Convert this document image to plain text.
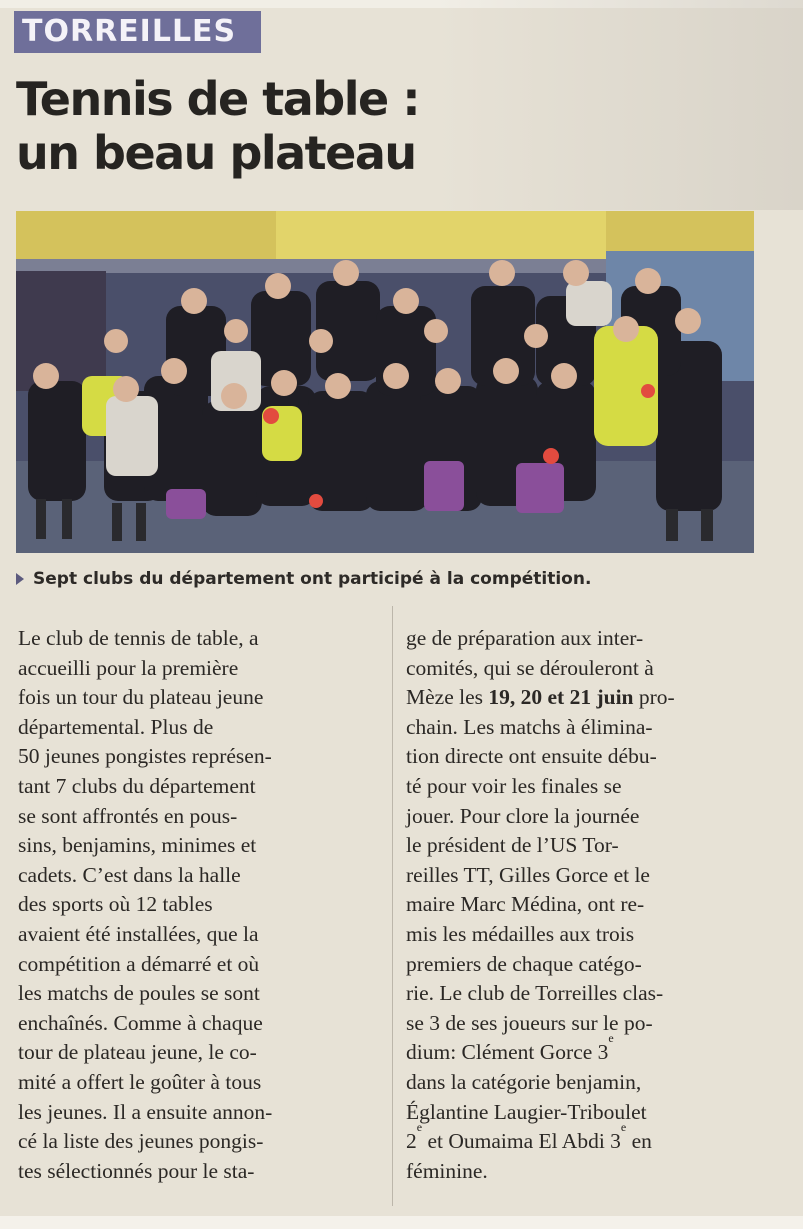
TORREILLES
Tennis de table :
un beau plateau
Sept clubs du département ont participé à la compétition.
Le club de tennis de table, a
accueilli pour la première
fois un tour du plateau jeune
départemental. Plus de
50 jeunes pongistes représen-
tant 7 clubs du département
se sont affrontés en pous-
sins, benjamins, minimes et
cadets. C’est dans la halle
des sports où 12 tables
avaient été installées, que la
compétition a démarré et où
les matchs de poules se sont
enchaînés. Comme à chaque
tour de plateau jeune, le co-
mité a offert le goûter à tous
les jeunes. Il a ensuite annon-
cé la liste des jeunes pongis-
tes sélectionnés pour le sta-
ge de préparation aux inter-
comités, qui se dérouleront à
Mèze les 19, 20 et 21 juin pro-
chain. Les matchs à élimina-
tion directe ont ensuite débu-
té pour voir les finales se
jouer. Pour clore la journée
le président de l’US Tor-
reilles TT, Gilles Gorce et le
maire Marc Médina, ont re-
mis les médailles aux trois
premiers de chaque catégo-
rie. Le club de Torreilles clas-
se 3 de ses joueurs sur le po-
dium: Clément Gorce 3
e
dans la catégorie benjamin,
Églantine Laugier-Triboulet
2
e
et Oumaima El Abdi 3
e
en
féminine.
